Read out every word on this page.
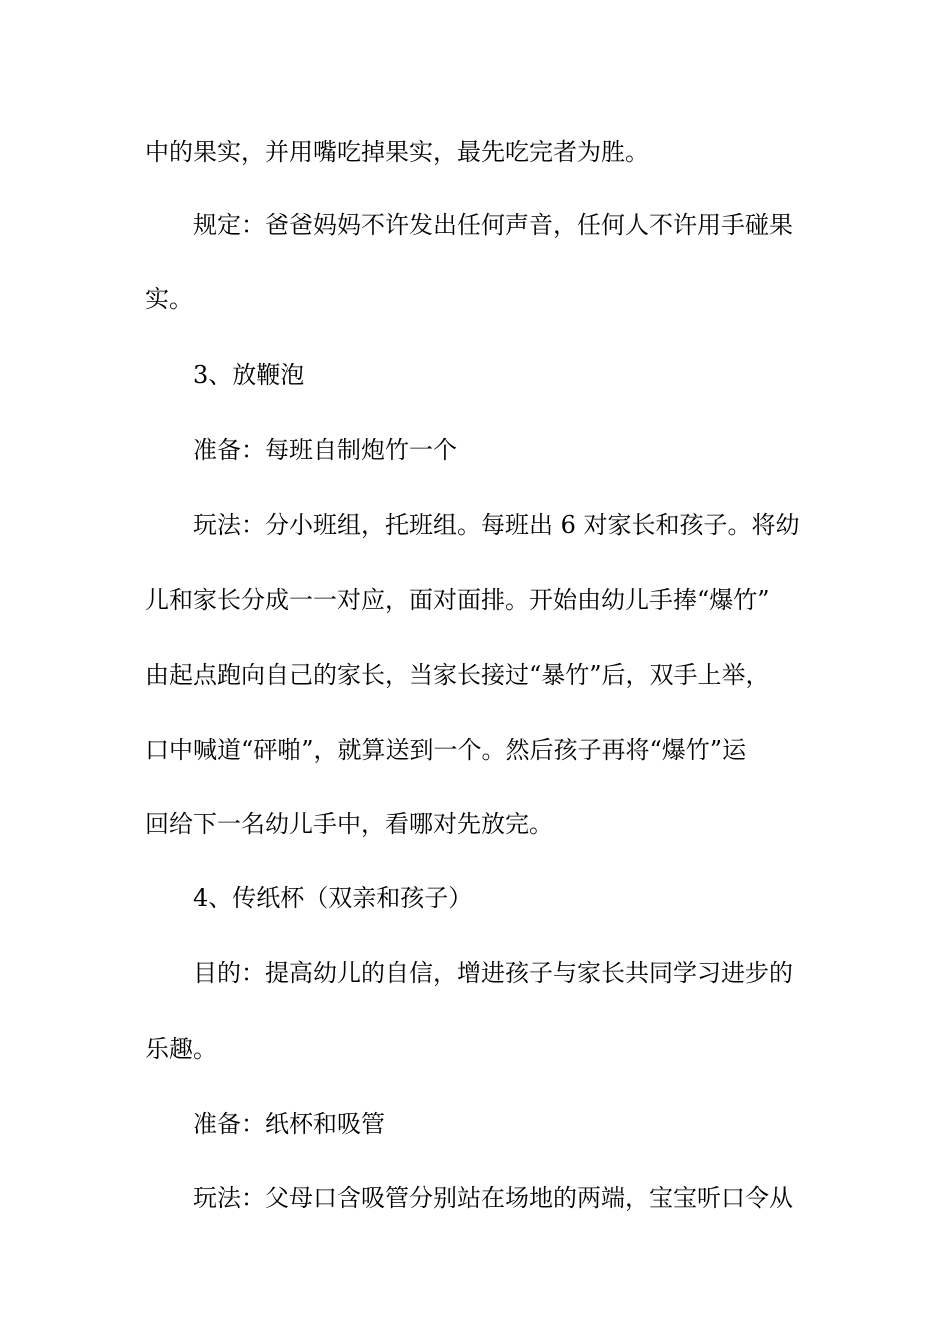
中的果实，并用嘴吃掉果实，最先吃完者为胜。
规定：爸爸妈妈不许发出任何声音，任何人不许用手碰果
实。
3、放鞭泡
准备：每班自制炮竹一个
玩法：分小班组，托班组。每班出 6 对家长和孩子。将幼
儿和家长分成一一对应，面对面排。开始由幼儿手捧“爆竹”
由起点跑向自己的家长，当家长接过“暴竹”后，双手上举，
口中喊道“砰啪”，就算送到一个。然后孩子再将“爆竹”运
回给下一名幼儿手中，看哪对先放完。
4、传纸杯（双亲和孩子）
目的：提高幼儿的自信，增进孩子与家长共同学习进步的
乐趣。
准备：纸杯和吸管
玩法：父母口含吸管分别站在场地的两端，宝宝听口令从
